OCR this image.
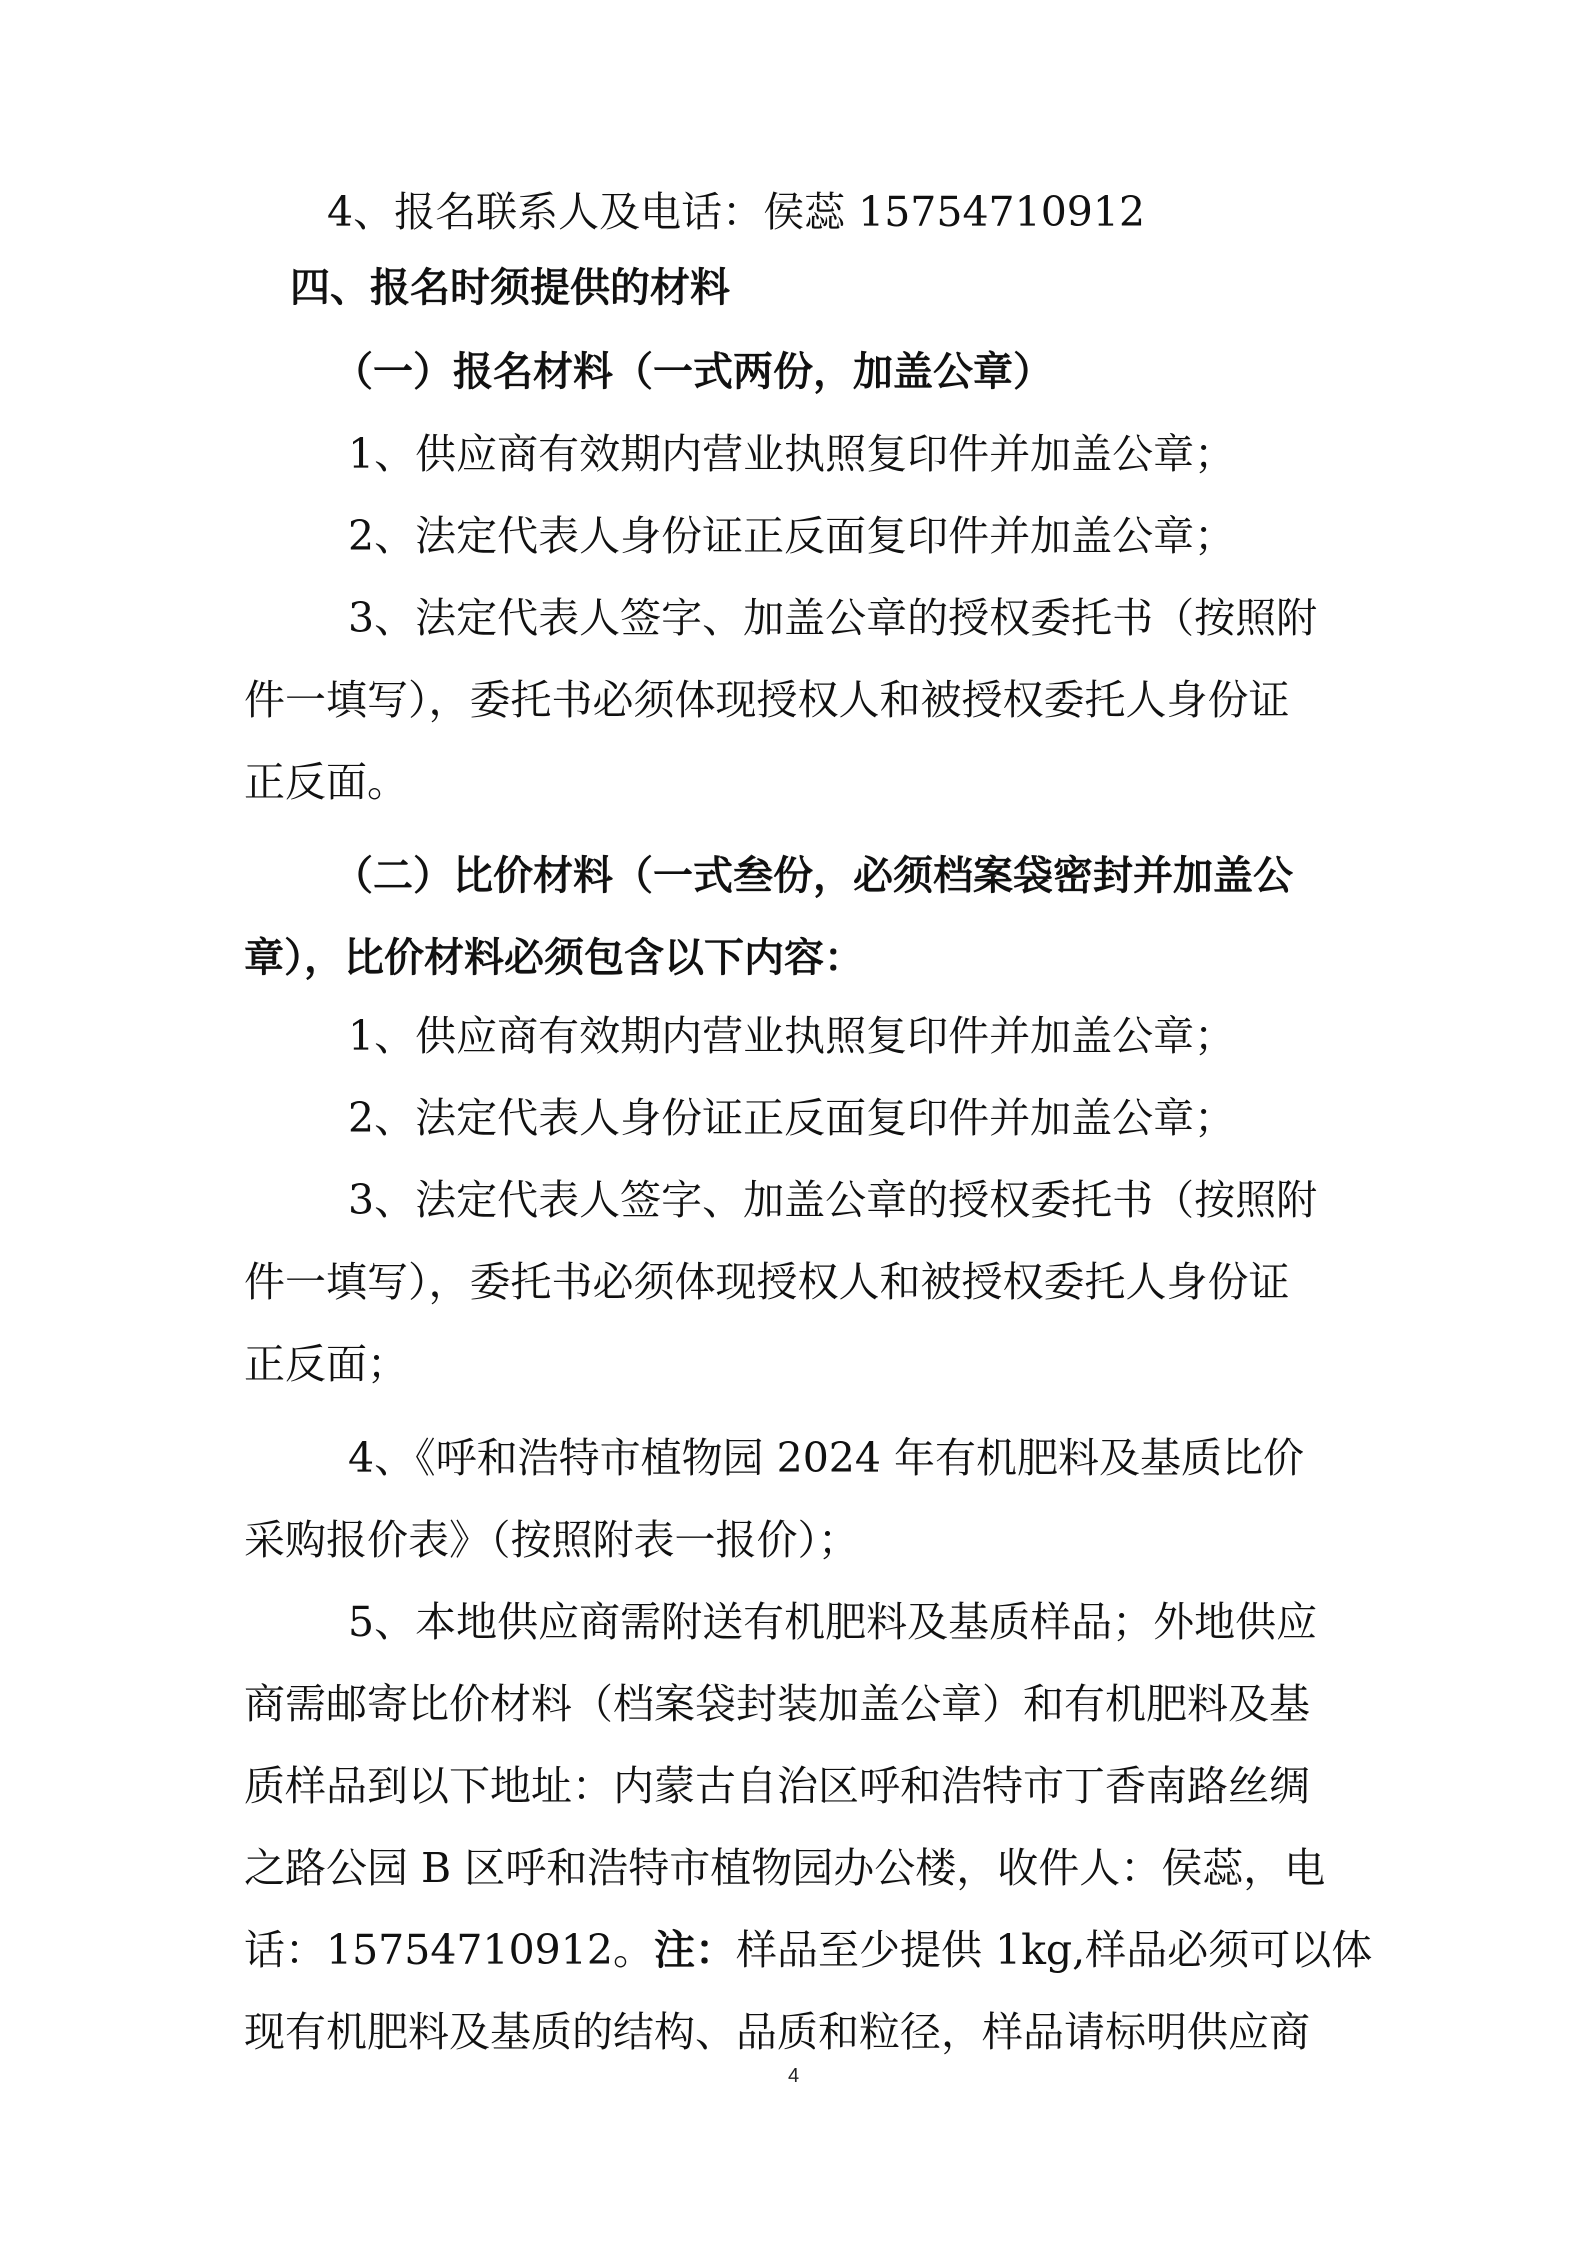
4、报名联系人及电话：侯蕊 15754710912
四、报名时须提供的材料
（一）报名材料（一式两份，加盖公章）
1、供应商有效期内营业执照复印件并加盖公章；
2、法定代表人身份证正反面复印件并加盖公章；
3、法定代表人签字、加盖公章的授权委托书（按照附
件一填写），委托书必须体现授权人和被授权委托人身份证
正反面。
（二）比价材料（一式叁份，必须档案袋密封并加盖公
章），比价材料必须包含以下内容：
1、供应商有效期内营业执照复印件并加盖公章；
2、法定代表人身份证正反面复印件并加盖公章；
3、法定代表人签字、加盖公章的授权委托书（按照附
件一填写），委托书必须体现授权人和被授权委托人身份证
正反面；
4、《呼和浩特市植物园 2024 年有机肥料及基质比价
采购报价表》（按照附表一报价）；
5、本地供应商需附送有机肥料及基质样品；外地供应
商需邮寄比价材料（档案袋封装加盖公章）和有机肥料及基
质样品到以下地址：内蒙古自治区呼和浩特市丁香南路丝绸
之路公园 B 区呼和浩特市植物园办公楼，收件人：侯蕊，电
话：15754710912。注：样品至少提供 1kg,样品必须可以体
现有机肥料及基质的结构、品质和粒径，样品请标明供应商
4
